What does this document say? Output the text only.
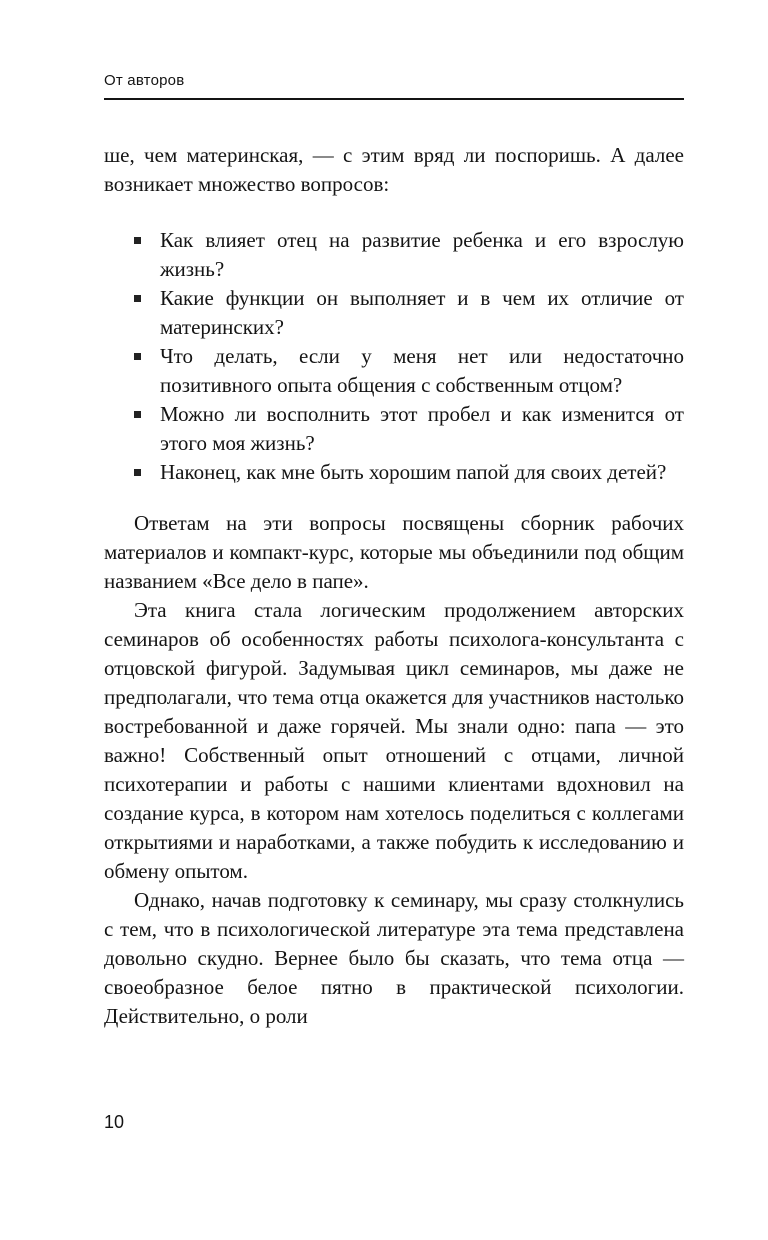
От авторов

ше, чем материнская, — с этим вряд ли поспоришь. А далее возникает множество вопросов:

Как влияет отец на развитие ребенка и его взрослую жизнь?
Какие функции он выполняет и в чем их отличие от материнских?
Что делать, если у меня нет или недостаточно позитивного опыта общения с собственным отцом?
Можно ли восполнить этот пробел и как изменится от этого моя жизнь?
Наконец, как мне быть хорошим папой для своих детей?

Ответам на эти вопросы посвящены сборник рабочих материалов и компакт-курс, которые мы объединили под общим названием «Все дело в папе».

Эта книга стала логическим продолжением авторских семинаров об особенностях работы психолога-консультанта с отцовской фигурой. Задумывая цикл семинаров, мы даже не предполагали, что тема отца окажется для участников настолько востребованной и даже горячей. Мы знали одно: папа — это важно! Собственный опыт отношений с отцами, личной психотерапии и работы с нашими клиентами вдохновил на создание курса, в котором нам хотелось поделиться с коллегами открытиями и наработками, а также побудить к исследованию и обмену опытом.

Однако, начав подготовку к семинару, мы сразу столкнулись с тем, что в психологической литературе эта тема представлена довольно скудно. Вернее было бы сказать, что тема отца — своеобразное белое пятно в практической психологии. Действительно, о роли

10
